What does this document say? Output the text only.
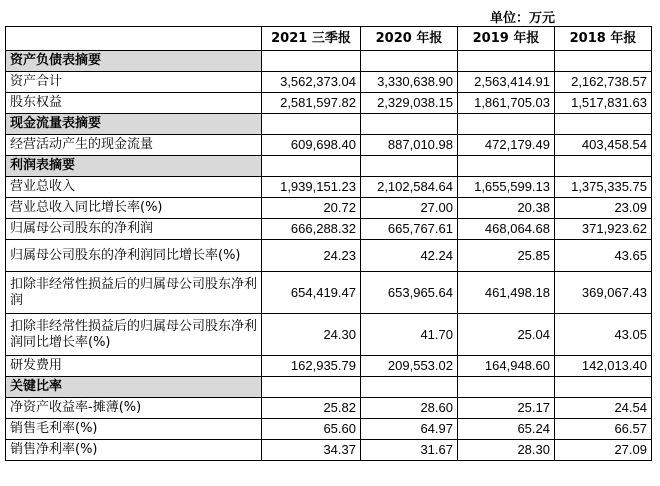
单位：万元
	2021 三季报	2020 年报	2019 年报	2018 年报
资产负债表摘要				
资产合计	3,562,373.04	3,330,638.90	2,563,414.91	2,162,738.57
股东权益	2,581,597.82	2,329,038.15	1,861,705.03	1,517,831.63
现金流量表摘要				
经营活动产生的现金流量	609,698.40	887,010.98	472,179.49	403,458.54
利润表摘要				
营业总收入	1,939,151.23	2,102,584.64	1,655,599.13	1,375,335.75
营业总收入同比增长率(%)	20.72	27.00	20.38	23.09
归属母公司股东的净利润	666,288.32	665,767.61	468,064.68	371,923.62
归属母公司股东的净利润同比增长率(%)	24.23	42.24	25.85	43.65
扣除非经常性损益后的归属母公司股东净利润	654,419.47	653,965.64	461,498.18	369,067.43
扣除非经常性损益后的归属母公司股东净利润同比增长率(%)	24.30	41.70	25.04	43.05
研发费用	162,935.79	209,553.02	164,948.60	142,013.40
关键比率				
净资产收益率-摊薄(%)	25.82	28.60	25.17	24.54
销售毛利率(%)	65.60	64.97	65.24	66.57
销售净利率(%)	34.37	31.67	28.30	27.09
